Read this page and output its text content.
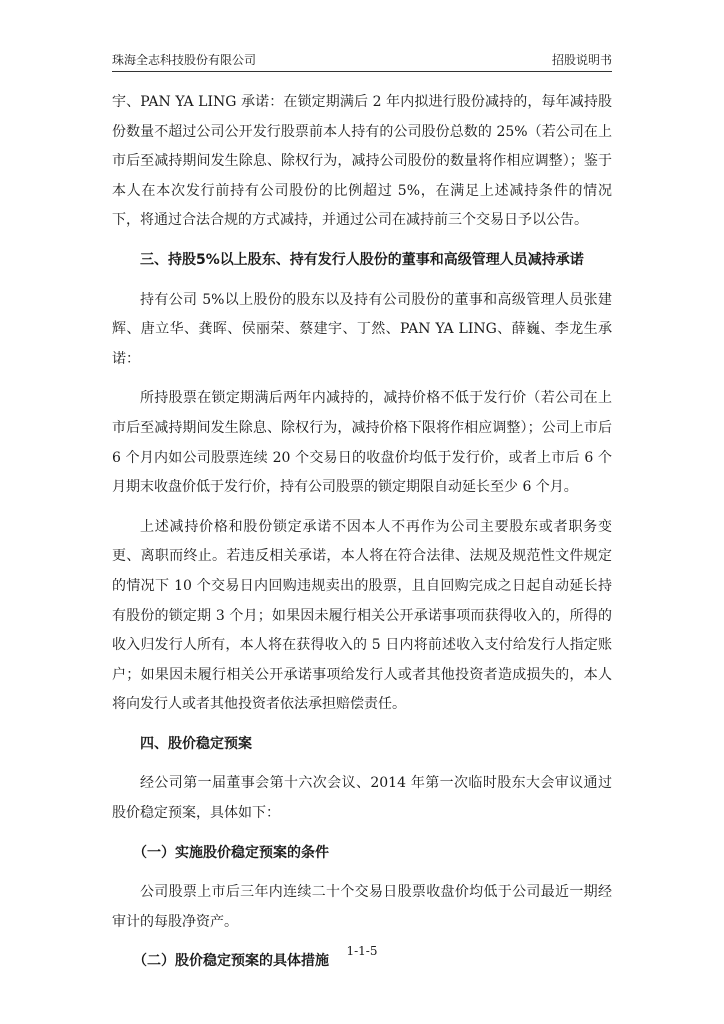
珠海全志科技股份有限公司	招股说明书

宇、PAN YA LING 承诺：在锁定期满后 2 年内拟进行股份减持的，每年减持股份数量不超过公司公开发行股票前本人持有的公司股份总数的 25%（若公司在上市后至减持期间发生除息、除权行为，减持公司股份的数量将作相应调整）；鉴于本人在本次发行前持有公司股份的比例超过 5%，在满足上述减持条件的情况下，将通过合法合规的方式减持，并通过公司在减持前三个交易日予以公告。

三、持股5%以上股东、持有发行人股份的董事和高级管理人员减持承诺

持有公司 5%以上股份的股东以及持有公司股份的董事和高级管理人员张建辉、唐立华、龚晖、侯丽荣、蔡建宇、丁然、PAN YA LING、薛巍、李龙生承诺：

所持股票在锁定期满后两年内减持的，减持价格不低于发行价（若公司在上市后至减持期间发生除息、除权行为，减持价格下限将作相应调整）；公司上市后 6 个月内如公司股票连续 20 个交易日的收盘价均低于发行价，或者上市后 6 个月期末收盘价低于发行价，持有公司股票的锁定期限自动延长至少 6 个月。

上述减持价格和股份锁定承诺不因本人不再作为公司主要股东或者职务变更、离职而终止。若违反相关承诺，本人将在符合法律、法规及规范性文件规定的情况下 10 个交易日内回购违规卖出的股票，且自回购完成之日起自动延长持有股份的锁定期 3 个月；如果因未履行相关公开承诺事项而获得收入的，所得的收入归发行人所有，本人将在获得收入的 5 日内将前述收入支付给发行人指定账户；如果因未履行相关公开承诺事项给发行人或者其他投资者造成损失的，本人将向发行人或者其他投资者依法承担赔偿责任。

四、股价稳定预案

经公司第一届董事会第十六次会议、2014 年第一次临时股东大会审议通过股价稳定预案，具体如下：

（一）实施股价稳定预案的条件

公司股票上市后三年内连续二十个交易日股票收盘价均低于公司最近一期经审计的每股净资产。

（二）股价稳定预案的具体措施
1-1-5
